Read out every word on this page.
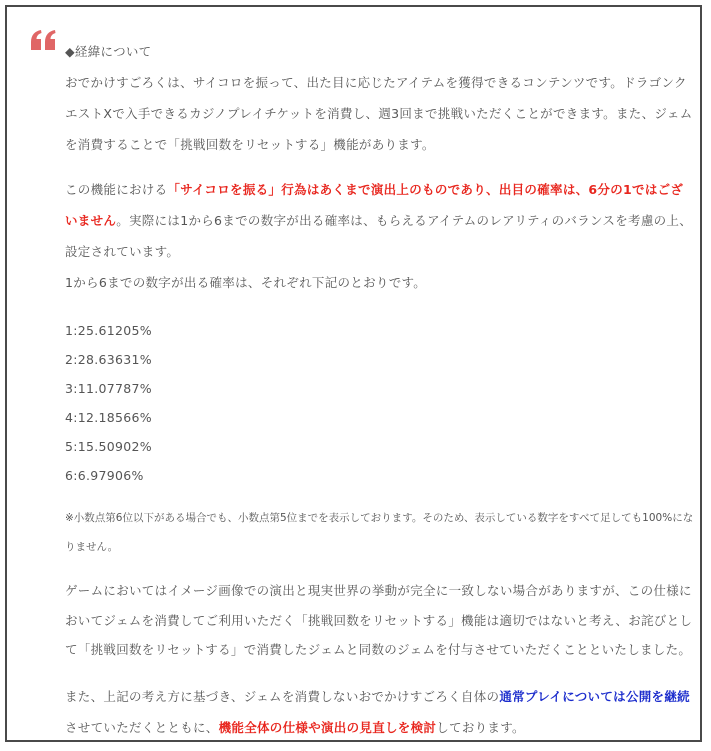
◆経緯について

おでかけすごろくは、サイコロを振って、出た目に応じたアイテムを獲得できるコンテンツです。ドラゴンクエストXで入手できるカジノプレイチケットを消費し、週3回まで挑戦いただくことができます。また、ジェムを消費することで「挑戦回数をリセットする」機能があります。

この機能における「サイコロを振る」行為はあくまで演出上のものであり、出目の確率は、6分の1ではございません。実際には1から6までの数字が出る確率は、もらえるアイテムのレアリティのバランスを考慮の上、設定されています。
1から6までの数字が出る確率は、それぞれ下記のとおりです。

1:25.61205%
2:28.63631%
3:11.07787%
4:12.18566%
5:15.50902%
6:6.97906%

※小数点第6位以下がある場合でも、小数点第5位までを表示しております。そのため、表示している数字をすべて足しても100%になりません。

ゲームにおいてはイメージ画像での演出と現実世界の挙動が完全に一致しない場合がありますが、この仕様においてジェムを消費してご利用いただく「挑戦回数をリセットする」機能は適切ではないと考え、お詫びとして「挑戦回数をリセットする」で消費したジェムと同数のジェムを付与させていただくことといたしました。

また、上記の考え方に基づき、ジェムを消費しないおでかけすごろく自体の通常プレイについては公開を継続させていただくとともに、機能全体の仕様や演出の見直しを検討しております。
